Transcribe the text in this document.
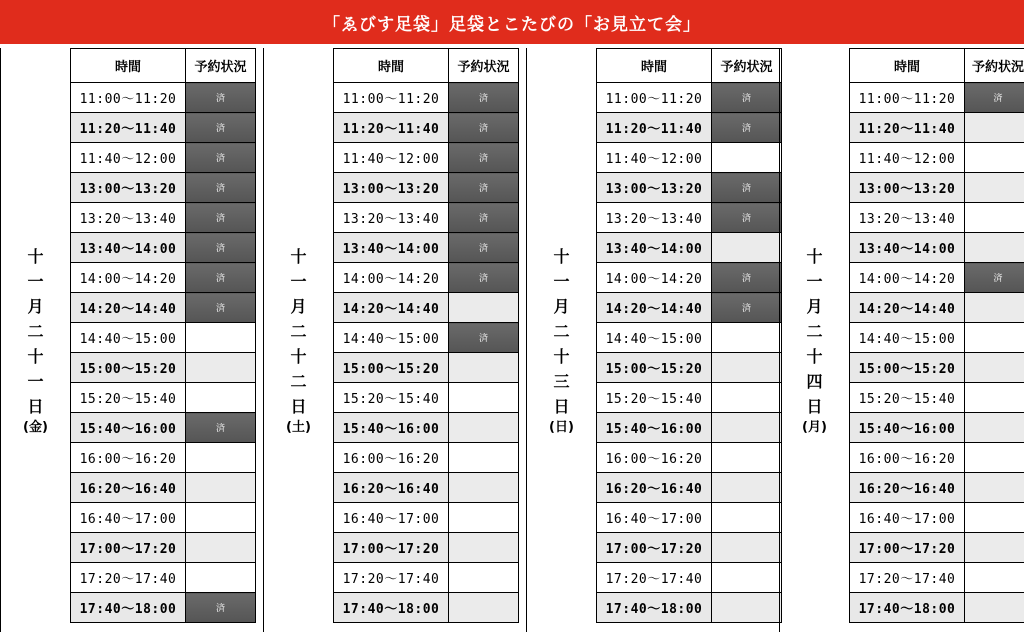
「ゑびす足袋」足袋とこたびの「お見立て会」
十
一
月
二
十
一
日
(金)
時間	予約状況
11:00〜11:20	済
11:20〜11:40	済
11:40〜12:00	済
13:00〜13:20	済
13:20〜13:40	済
13:40〜14:00	済
14:00〜14:20	済
14:20〜14:40	済
14:40〜15:00	
15:00〜15:20	
15:20〜15:40	
15:40〜16:00	済
16:00〜16:20	
16:20〜16:40	
16:40〜17:00	
17:00〜17:20	
17:20〜17:40	
17:40〜18:00	済
十
一
月
二
十
二
日
(土)
時間	予約状況
11:00〜11:20	済
11:20〜11:40	済
11:40〜12:00	済
13:00〜13:20	済
13:20〜13:40	済
13:40〜14:00	済
14:00〜14:20	済
14:20〜14:40	
14:40〜15:00	済
15:00〜15:20	
15:20〜15:40	
15:40〜16:00	
16:00〜16:20	
16:20〜16:40	
16:40〜17:00	
17:00〜17:20	
17:20〜17:40	
17:40〜18:00	
十
一
月
二
十
三
日
(日)
時間	予約状況
11:00〜11:20	済
11:20〜11:40	済
11:40〜12:00	
13:00〜13:20	済
13:20〜13:40	済
13:40〜14:00	
14:00〜14:20	済
14:20〜14:40	済
14:40〜15:00	
15:00〜15:20	
15:20〜15:40	
15:40〜16:00	
16:00〜16:20	
16:20〜16:40	
16:40〜17:00	
17:00〜17:20	
17:20〜17:40	
17:40〜18:00	
十
一
月
二
十
四
日
(月)
時間	予約状況
11:00〜11:20	済
11:20〜11:40	
11:40〜12:00	
13:00〜13:20	
13:20〜13:40	
13:40〜14:00	
14:00〜14:20	済
14:20〜14:40	
14:40〜15:00	
15:00〜15:20	
15:20〜15:40	
15:40〜16:00	
16:00〜16:20	
16:20〜16:40	
16:40〜17:00	
17:00〜17:20	
17:20〜17:40	
17:40〜18:00	
